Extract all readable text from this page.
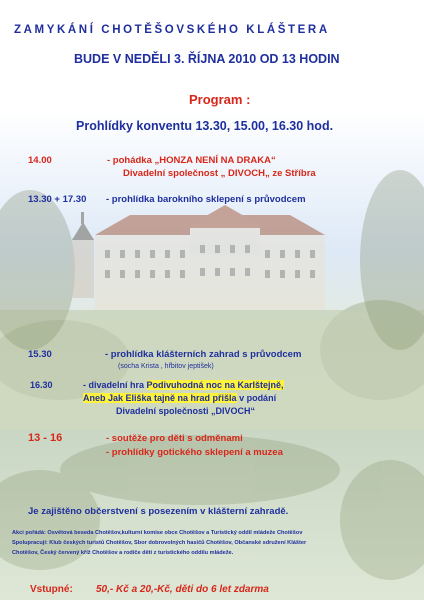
ZAMYKÁNÍ CHOTĚŠOVSKÉHO KLÁŠTERA
BUDE V NEDĚLI 3. ŘÍJNA 2010 OD 13 HODIN
Program :
Prohlídky konventu 13.30, 15.00, 16.30 hod.
14.00	- pohádka „HONZA NENÍ NA DRAKA“
Divadelní společnost „ DIVOCH„ ze Stříbra
13.30 + 17.30 - prohlídka barokního sklepení s průvodcem
15.30	- prohlídka klášterních zahrad s průvodcem
(socha Krista , hřbitov jeptišek)
16.30	- divadelní hra Podivuhodná noc na Karlštejně,
Aneb Jak Eliška tajně na hrad přišla v podání
Divadelní společnosti „DIVOCH“
13 - 16	- soutěže pro děti s odměnami
- prohlídky gotického sklepení a muzea
Je zajištěno občerstvení s posezením v klášterní zahradě.
Akci pořádá: Osvětová beseda Chotěšov,kulturní komise obce Chotěšov a Turistický oddíl mládeže Chotěšov
Spolupracují: Klub českých turistů Chotěšov, Sbor dobrovolných hasičů Chotěšov, Občanské sdružení Klášter
Chotěšov, Český červený kříž Chotěšov a rodiče dětí z turistického oddílu mládeže.
Vstupné: 50,- Kč a 20,-Kč, děti do 6 let zdarma
